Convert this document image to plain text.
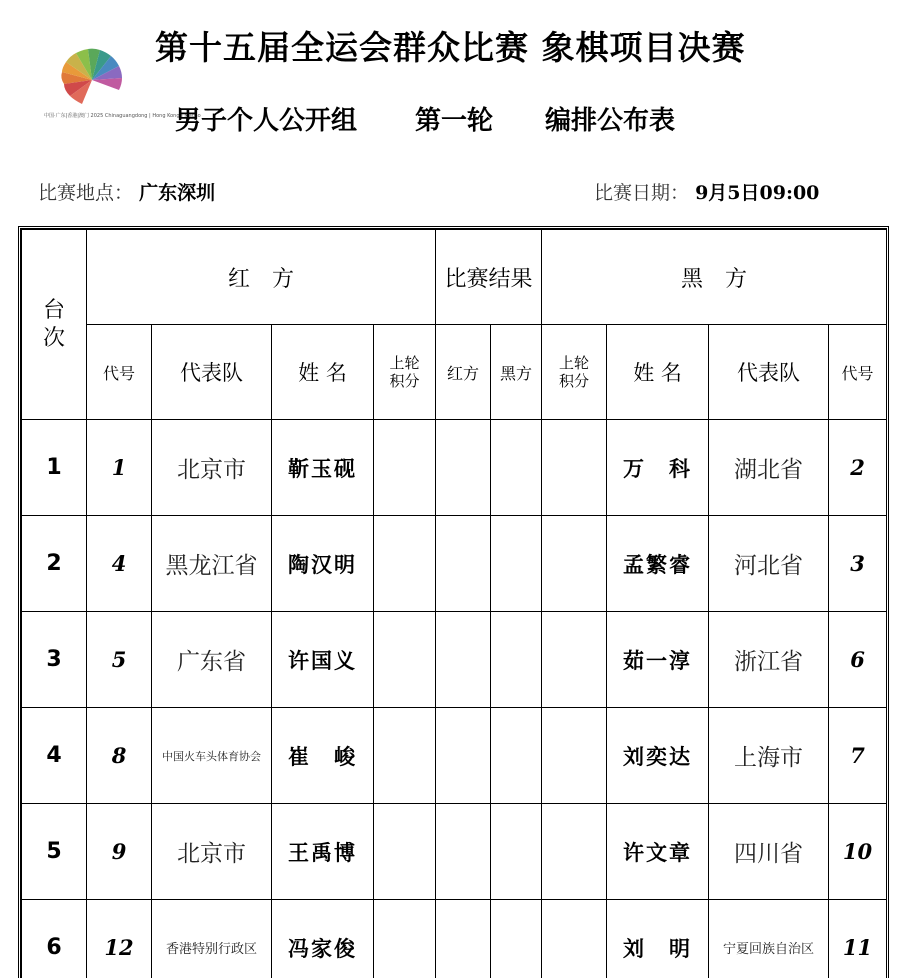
中国·广东|香港|澳门 2025 Chinaguangdong | Hong Kong | Macao
第十五届全运会群众比赛 象棋项目决赛
男子个人公开组 第一轮 编排公布表
比赛地点： 广东深圳	比赛日期： 9月5日09:00
台次	红　方				比赛结果		黑　方			
	代号	代表队	姓 名	上轮积分	红方	黑方	上轮积分	姓 名	代表队	代号
1	1	北京市	靳玉砚					万　科	湖北省	2
2	4	黑龙江省	陶汉明					孟繁睿	河北省	3
3	5	广东省	许国义					茹一淳	浙江省	6
4	8	中国火车头体育协会	崔　峻					刘奕达	上海市	7
5	9	北京市	王禹博					许文章	四川省	10
6	12	香港特别行政区	冯家俊					刘　明	宁夏回族自治区	11
